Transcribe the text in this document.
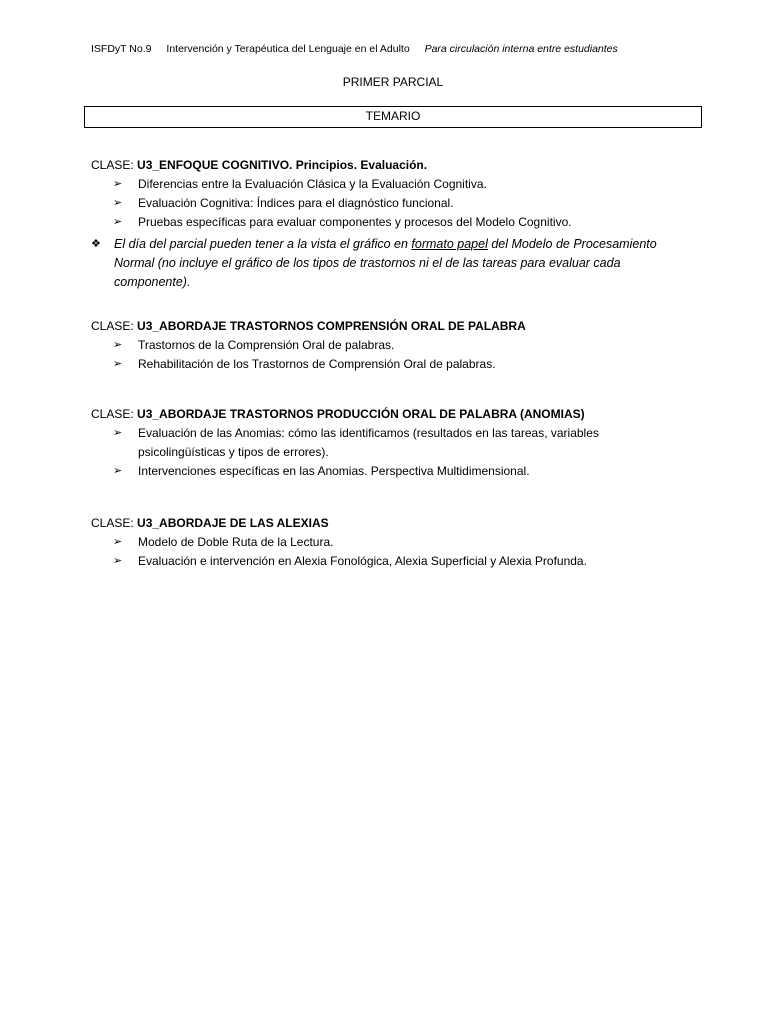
ISFDyT No.9 Intervención y Terapéutica del Lenguaje en el Adulto Para circulación interna entre estudiantes
PRIMER PARCIAL
TEMARIO
CLASE: U3_ENFOQUE COGNITIVO. Principios. Evaluación.
➢ Diferencias entre la Evaluación Clásica y la Evaluación Cognitiva.
➢ Evaluación Cognitiva: Índices para el diagnóstico funcional.
➢ Pruebas específicas para evaluar componentes y procesos del Modelo Cognitivo.
❖ El día del parcial pueden tener a la vista el gráfico en formato papel del Modelo de Procesamiento Normal (no incluye el gráfico de los tipos de trastornos ni el de las tareas para evaluar cada componente).
CLASE: U3_ABORDAJE TRASTORNOS COMPRENSIÓN ORAL DE PALABRA
➢ Trastornos de la Comprensión Oral de palabras.
➢ Rehabilitación de los Trastornos de Comprensión Oral de palabras.
CLASE: U3_ABORDAJE TRASTORNOS PRODUCCIÓN ORAL DE PALABRA (ANOMIAS)
➢ Evaluación de las Anomias: cómo las identificamos (resultados en las tareas, variables psicolingüísticas y tipos de errores).
➢ Intervenciones específicas en las Anomias. Perspectiva Multidimensional.
CLASE: U3_ABORDAJE DE LAS ALEXIAS
➢ Modelo de Doble Ruta de la Lectura.
➢ Evaluación e intervención en Alexia Fonológica, Alexia Superficial y Alexia Profunda.
